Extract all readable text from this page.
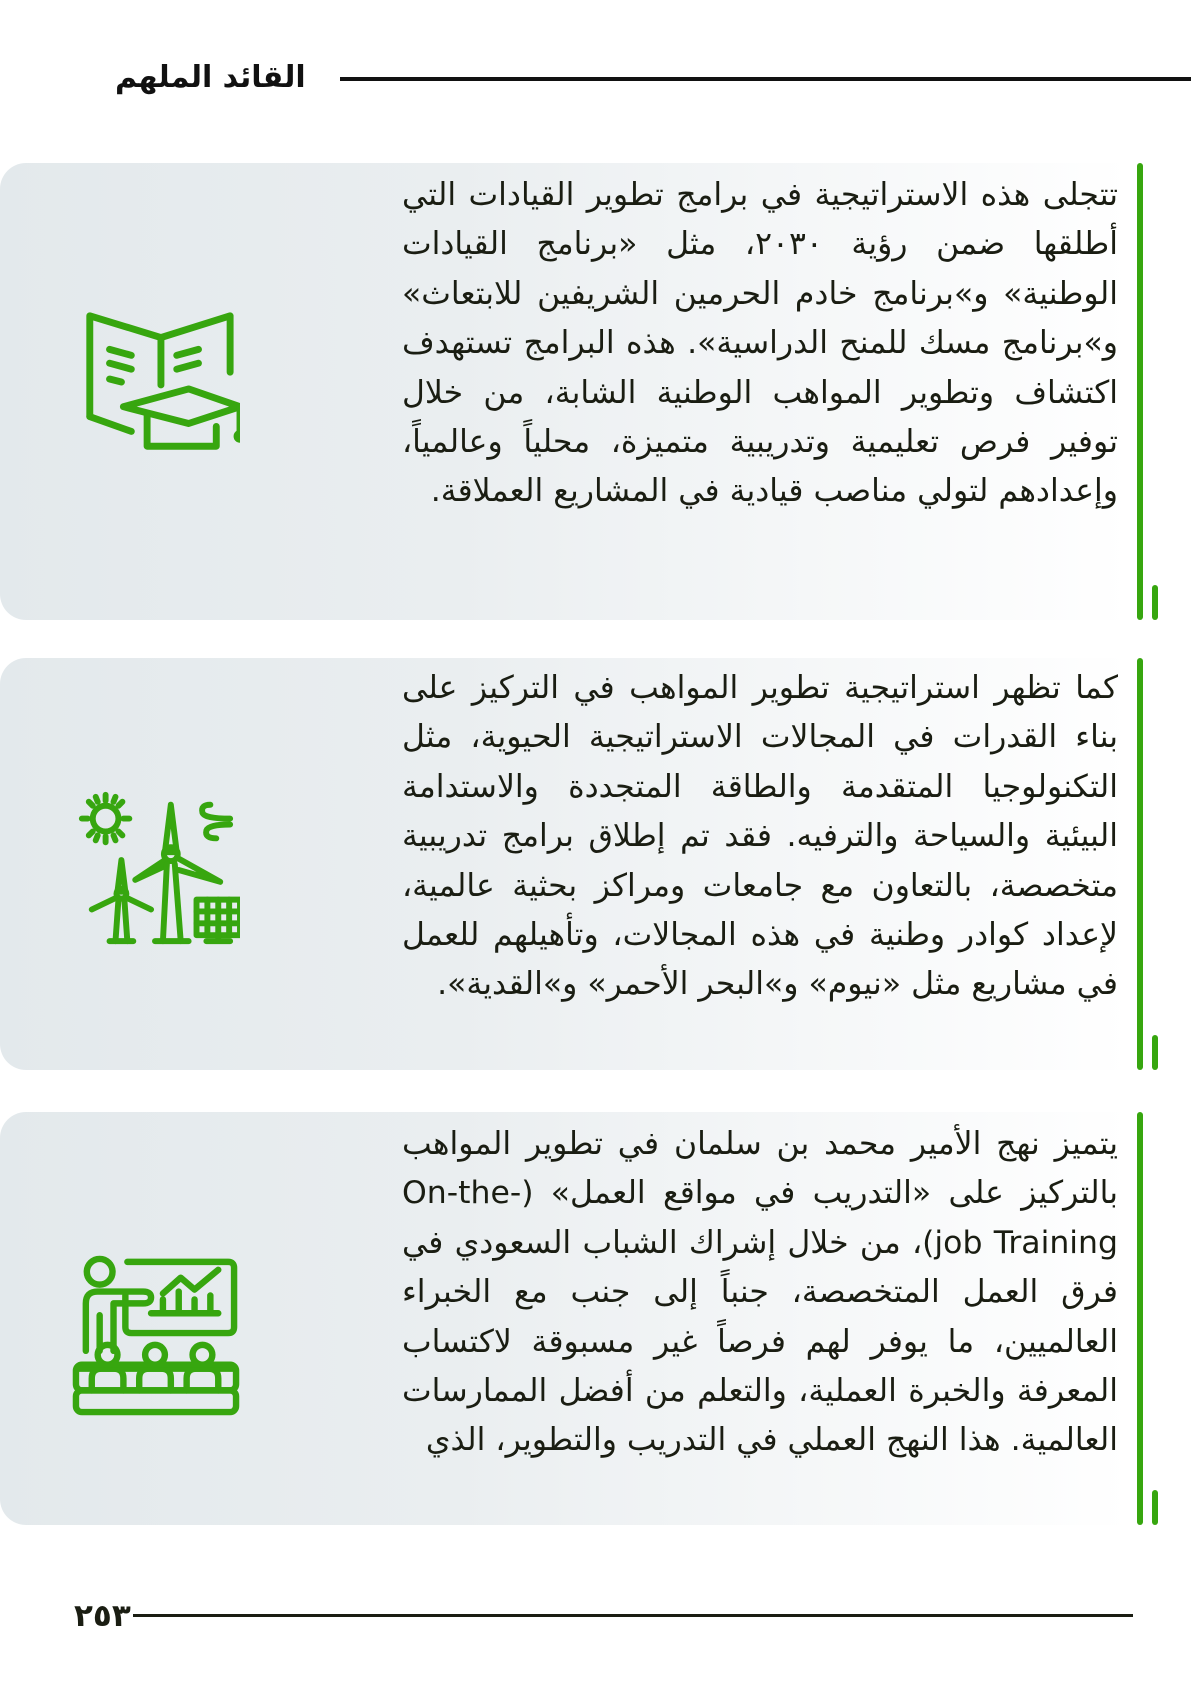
القائد الملهم
تتجلى هذه الاستراتيجية في برامج تطوير القيادات التي أطلقها ضمن رؤية ٢٠٣٠، مثل «برنامج القيادات الوطنية» و»برنامج خادم الحرمين الشريفين للابتعاث» و»برنامج مسك للمنح الدراسية». هذه البرامج تستهدف اكتشاف وتطوير المواهب الوطنية الشابة، من خلال توفير فرص تعليمية وتدريبية متميزة، محلياً وعالمياً، وإعدادهم لتولي مناصب قيادية في المشاريع العملاقة.
كما تظهر استراتيجية تطوير المواهب في التركيز على بناء القدرات في المجالات الاستراتيجية الحيوية، مثل التكنولوجيا المتقدمة والطاقة المتجددة والاستدامة البيئية والسياحة والترفيه. فقد تم إطلاق برامج تدريبية متخصصة، بالتعاون مع جامعات ومراكز بحثية عالمية، لإعداد كوادر وطنية في هذه المجالات، وتأهيلهم للعمل في مشاريع مثل «نيوم» و»البحر الأحمر» و»القدية».
يتميز نهج الأمير محمد بن سلمان في تطوير المواهب بالتركيز على «التدريب في مواقع العمل» (On-the-job Training)، من خلال إشراك الشباب السعودي في فرق العمل المتخصصة، جنباً إلى جنب مع الخبراء العالميين، ما يوفر لهم فرصاً غير مسبوقة لاكتساب المعرفة والخبرة العملية، والتعلم من أفضل الممارسات العالمية. هذا النهج العملي في التدريب والتطوير، الذي
٢٥٣
